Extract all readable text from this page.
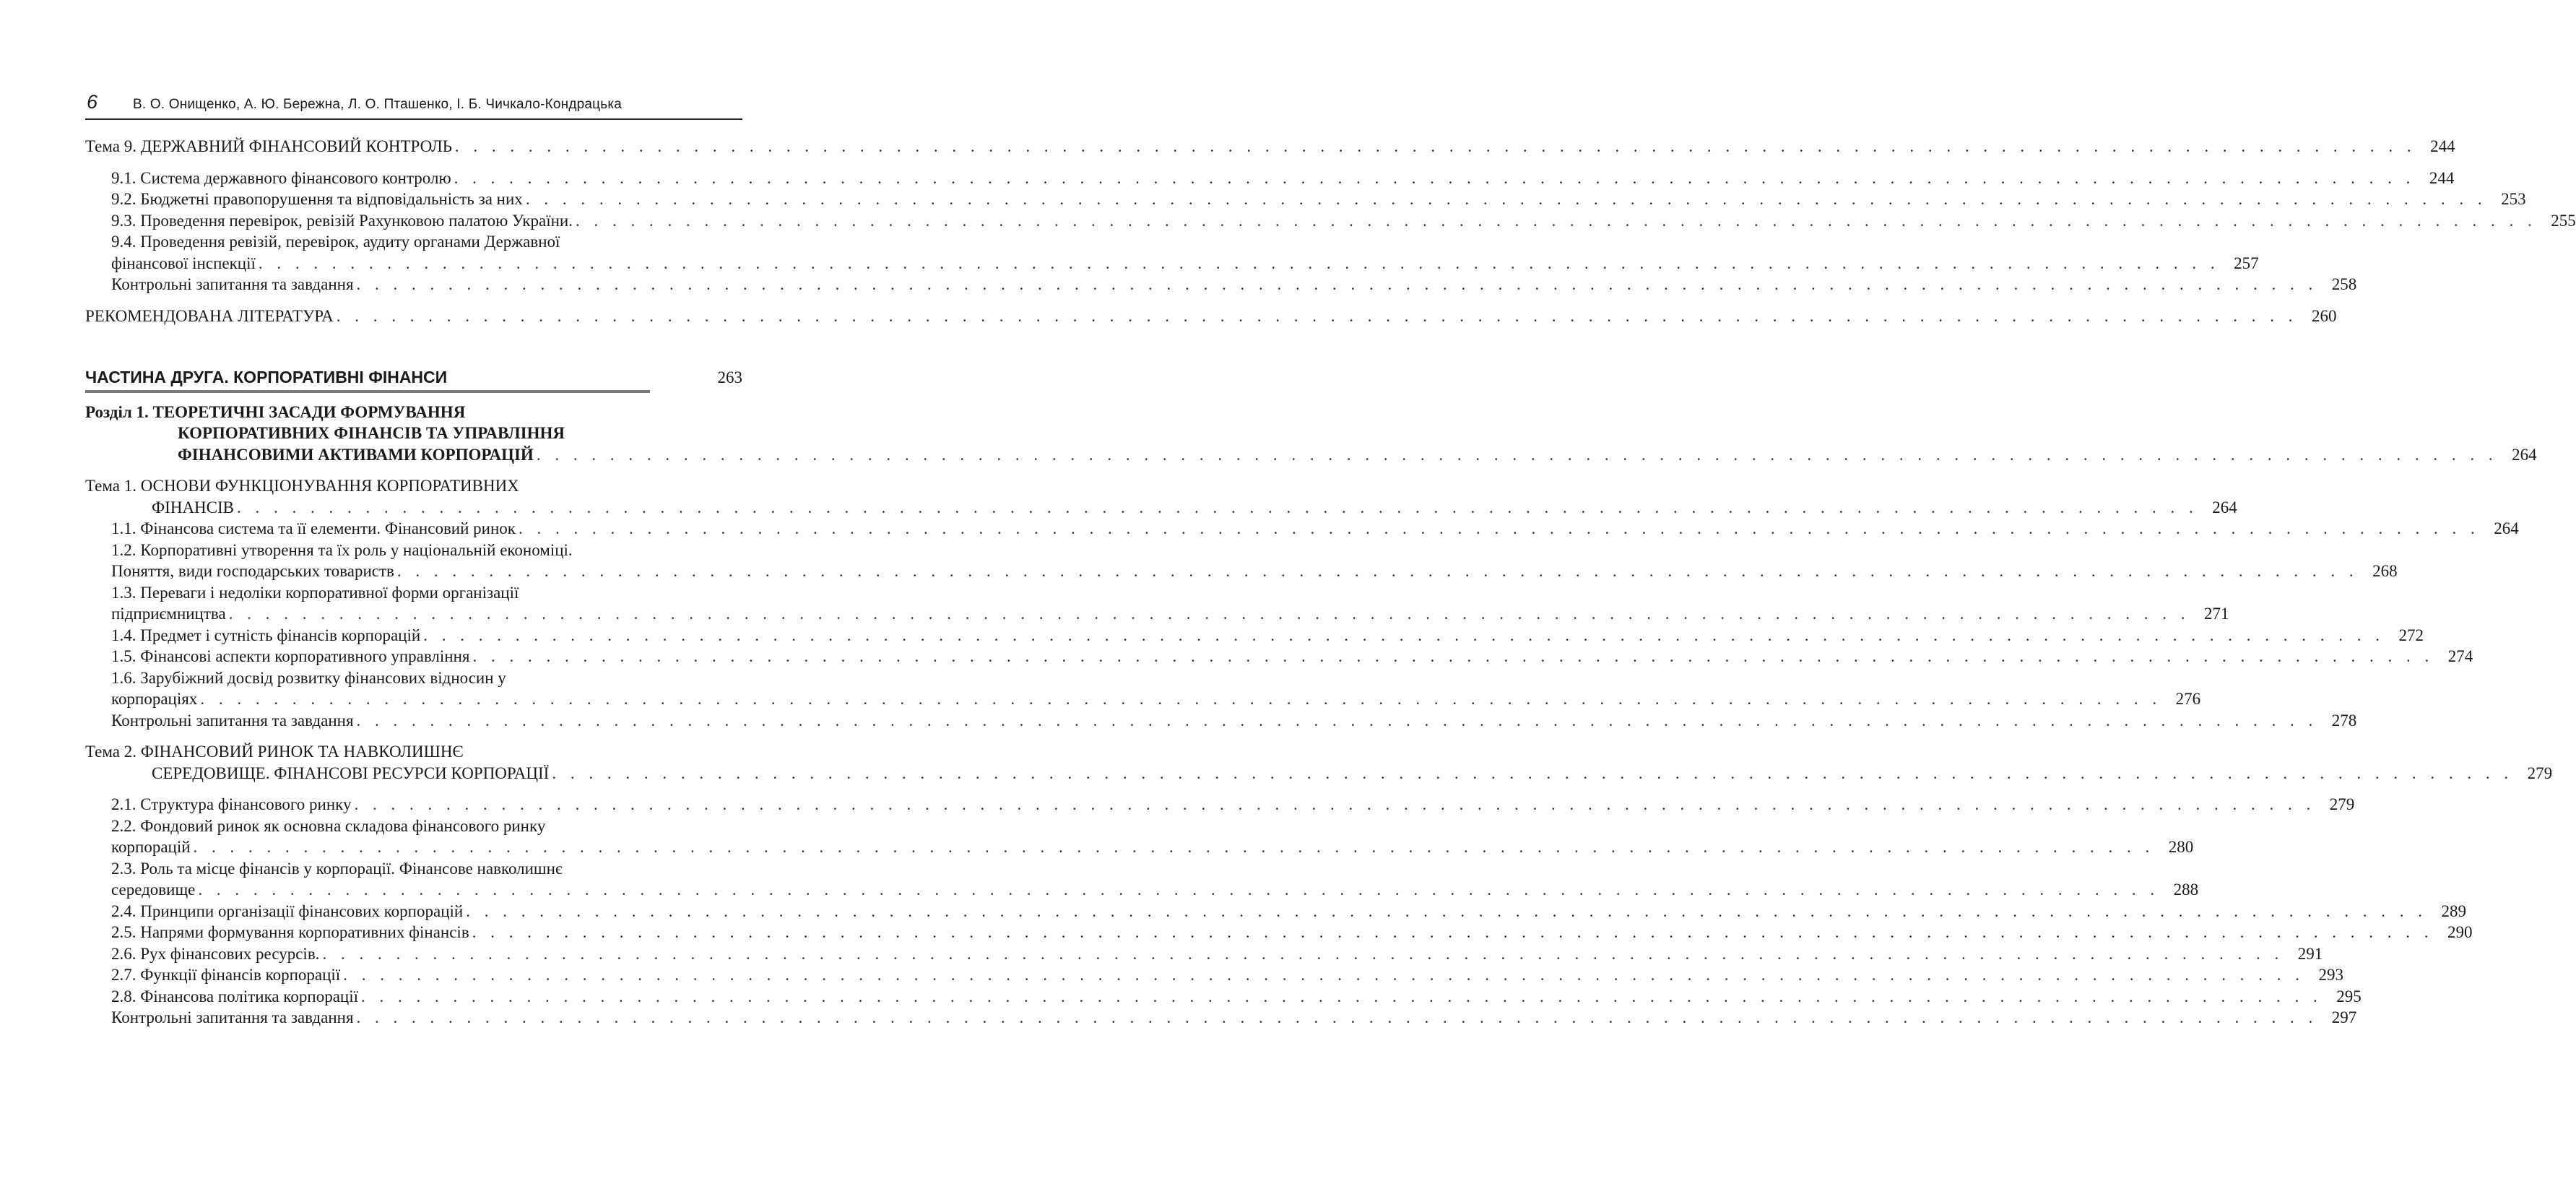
6	В. О. Онищенко, А. Ю. Бережна, Л. О. Пташенко, І. Б. Чичкало-Кондрацька
Тема 9. ДЕРЖАВНИЙ ФІНАНСОВИЙ КОНТРОЛЬ . . .	244
9.1. Система державного фінансового контролю . . .	244
9.2. Бюджетні правопорушення та відповідальність за них . . .	253
9.3. Проведення перевірок, ревізій Рахунковою палатою України. . . .	255
9.4. Проведення ревізій, перевірок, аудиту органами Державної
фінансової інспекції . . .	257
Контрольні запитання та завдання . . .	258
РЕКОМЕНДОВАНА ЛІТЕРАТУРА . . .	260
ЧАСТИНА ДРУГА. КОРПОРАТИВНІ ФІНАНСИ	263
Розділ 1. ТЕОРЕТИЧНІ ЗАСАДИ ФОРМУВАННЯ
КОРПОРАТИВНИХ ФІНАНСІВ ТА УПРАВЛІННЯ
ФІНАНСОВИМИ АКТИВАМИ КОРПОРАЦІЙ . . .	264
Тема 1. ОСНОВИ ФУНКЦІОНУВАННЯ КОРПОРАТИВНИХ
ФІНАНСІВ . . .	264
1.1. Фінансова система та її елементи. Фінансовий ринок . . .	264
1.2. Корпоративні утворення та їх роль у національній економіці.
Поняття, види господарських товариств . . .	268
1.3. Переваги і недоліки корпоративної форми організації
підприємництва . . .	271
1.4. Предмет і сутність фінансів корпорацій . . .	272
1.5. Фінансові аспекти корпоративного управління . . .	274
1.6. Зарубіжний досвід розвитку фінансових відносин у
корпораціях . . .	276
Контрольні запитання та завдання . . .	278
Тема 2. ФІНАНСОВИЙ РИНОК ТА НАВКОЛИШНЄ
СЕРЕДОВИЩЕ. ФІНАНСОВІ РЕСУРСИ КОРПОРАЦІЇ . . .	279
2.1. Структура фінансового ринку . . .	279
2.2. Фондовий ринок як основна складова фінансового ринку
корпорацій . . .	280
2.3. Роль та місце фінансів у корпорації. Фінансове навколишнє
середовище . . .	288
2.4. Принципи організації фінансових корпорацій . . .	289
2.5. Напрями формування корпоративних фінансів . . .	290
2.6. Рух фінансових ресурсів. . . .	291
2.7. Функції фінансів корпорації . . .	293
2.8. Фінансова політика корпорації . . .	295
Контрольні запитання та завдання . . .	297
